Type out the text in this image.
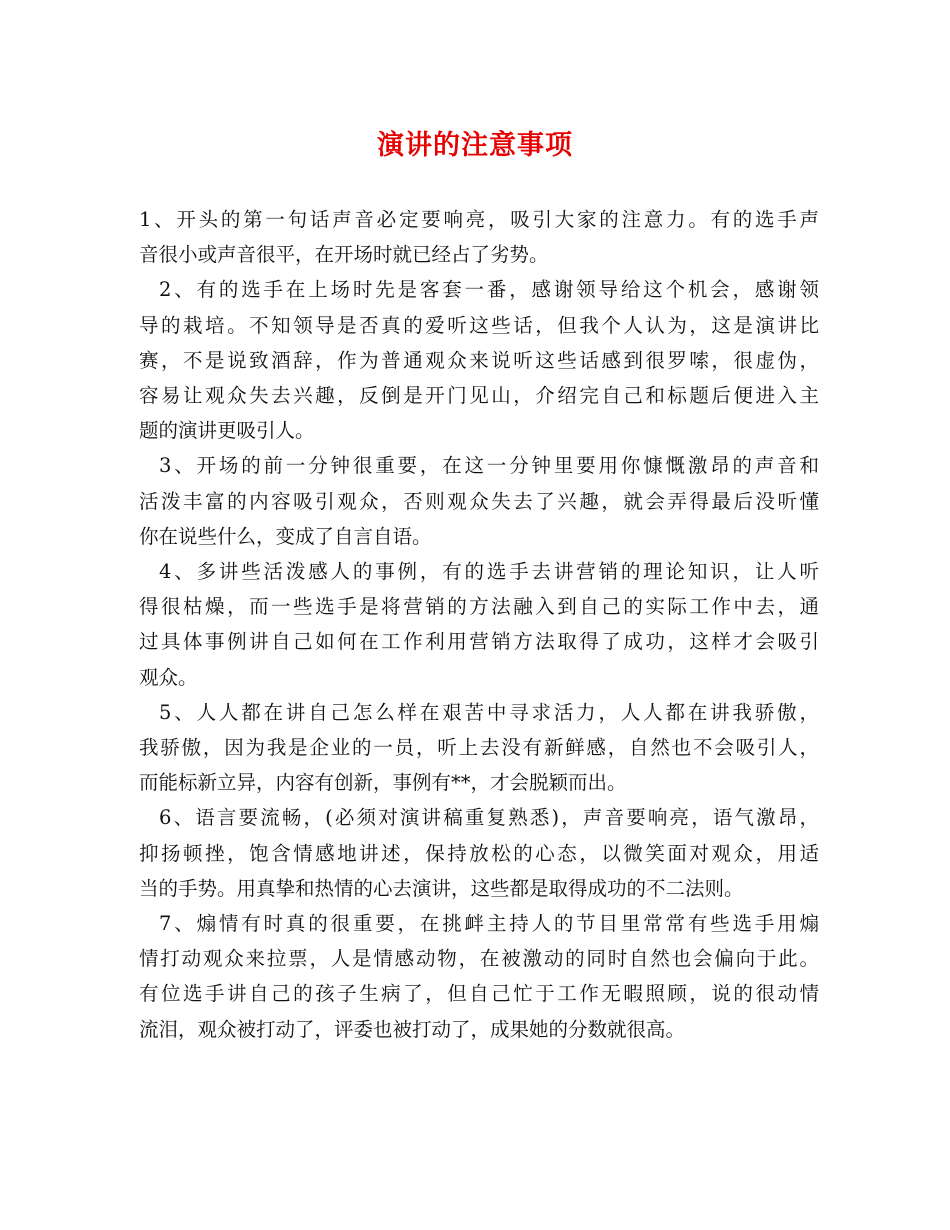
演讲的注意事项

1、开头的第一句话声音必定要响亮，吸引大家的注意力。有的选手声
音很小或声音很平，在开场时就已经占了劣势。

2、有的选手在上场时先是客套一番，感谢领导给这个机会，感谢领
导的栽培。不知领导是否真的爱听这些话，但我个人认为，这是演讲比
赛，不是说致酒辞，作为普通观众来说听这些话感到很罗嗦，很虚伪，
容易让观众失去兴趣，反倒是开门见山，介绍完自己和标题后便进入主
题的演讲更吸引人。

3、开场的前一分钟很重要，在这一分钟里要用你慷慨激昂的声音和
活泼丰富的内容吸引观众，否则观众失去了兴趣，就会弄得最后没听懂
你在说些什么，变成了自言自语。

4、多讲些活泼感人的事例，有的选手去讲营销的理论知识，让人听
得很枯燥，而一些选手是将营销的方法融入到自己的实际工作中去，通
过具体事例讲自己如何在工作利用营销方法取得了成功，这样才会吸引
观众。

5、人人都在讲自己怎么样在艰苦中寻求活力，人人都在讲我骄傲，
我骄傲，因为我是企业的一员，听上去没有新鲜感，自然也不会吸引人，
而能标新立异，内容有创新，事例有**，才会脱颖而出。

6、语言要流畅，(必须对演讲稿重复熟悉)，声音要响亮，语气激昂，
抑扬顿挫，饱含情感地讲述，保持放松的心态，以微笑面对观众，用适
当的手势。用真挚和热情的心去演讲，这些都是取得成功的不二法则。

7、煽情有时真的很重要，在挑衅主持人的节目里常常有些选手用煽
情打动观众来拉票，人是情感动物，在被激动的同时自然也会偏向于此。
有位选手讲自己的孩子生病了，但自己忙于工作无暇照顾，说的很动情
流泪，观众被打动了，评委也被打动了，成果她的分数就很高。
